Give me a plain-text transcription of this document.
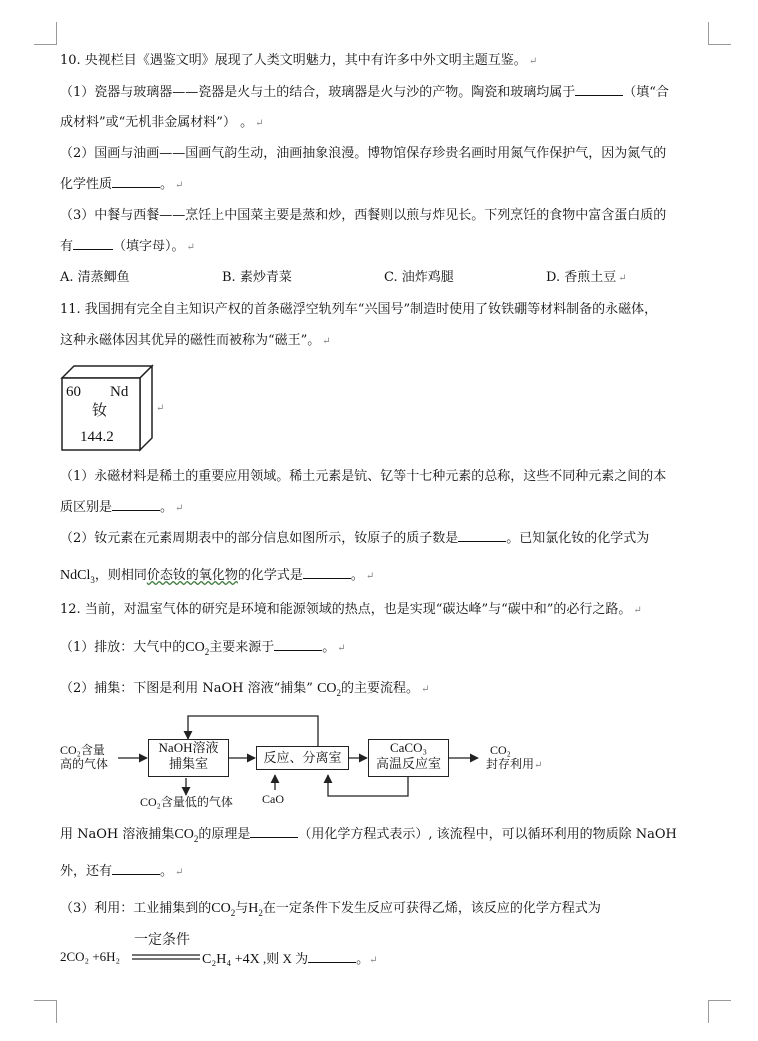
10. 央视栏目《遇鉴文明》展现了人类文明魅力，其中有许多中外文明主题互鉴。 ↵
（1）瓷器与玻璃器——瓷器是火与土的结合，玻璃器是火与沙的产物。陶瓷和玻璃均属于	（填“合
成材料”或“无机非金属材料”） 。 ↵
（2）国画与油画——国画气韵生动，油画抽象浪漫。博物馆保存珍贵名画时用氮气作保护气，因为氮气的
化学性质	。 ↵
（3）中餐与西餐——烹饪上中国菜主要是蒸和炒，西餐则以煎与炸见长。下列烹饪的食物中富含蛋白质的
有	（填字母）。 ↵
A. 清蒸鲫鱼	B. 素炒青菜	C. 油炸鸡腿	D. 香煎土豆 ↵
11. 我国拥有完全自主知识产权的首条磁浮空轨列车“兴国号”制造时使用了钕铁硼等材料制备的永磁体，
这种永磁体因其优异的磁性而被称为“磁王”。 ↵
60 Nd
钕
144.2
↵
（1）永磁材料是稀土的重要应用领域。稀土元素是钪、钇等十七种元素的总称，这些不同种元素之间的本
质区别是	。 ↵
（2）钕元素在元素周期表中的部分信息如图所示，钕原子的质子数是	。已知氯化钕的化学式为
NdCl$_3$，则相同价态钕的氧化物的化学式是	。 ↵
12. 当前，对温室气体的研究是环境和能源领域的热点，也是实现“碳达峰”与“碳中和”的必行之路。 ↵
（1）排放：大气中的$CO_2$主要来源于	。 ↵
（2）捕集：下图是利用 NaOH 溶液“捕集” $CO_2$的主要流程。 ↵
NaOH溶液
捕集室	反应、分离室
CaCO₃
高温反应室
CO₂含量
高的气体
CO₂
封存利用↵
CO₂含量低的气体 CaO
用 NaOH 溶液捕集$CO_2$的原理是	（用化学方程式表示）, 该流程中，可以循环利用的物质除 NaOH
外，还有	。 ↵
（3）利用：工业捕集到的$CO_2$与$H_2$在一定条件下发生反应可获得乙烯，该反应的化学方程式为
一定条件
2CO₂ +6H₂	C₂H₄ +4X ,则 X 为	。↵
